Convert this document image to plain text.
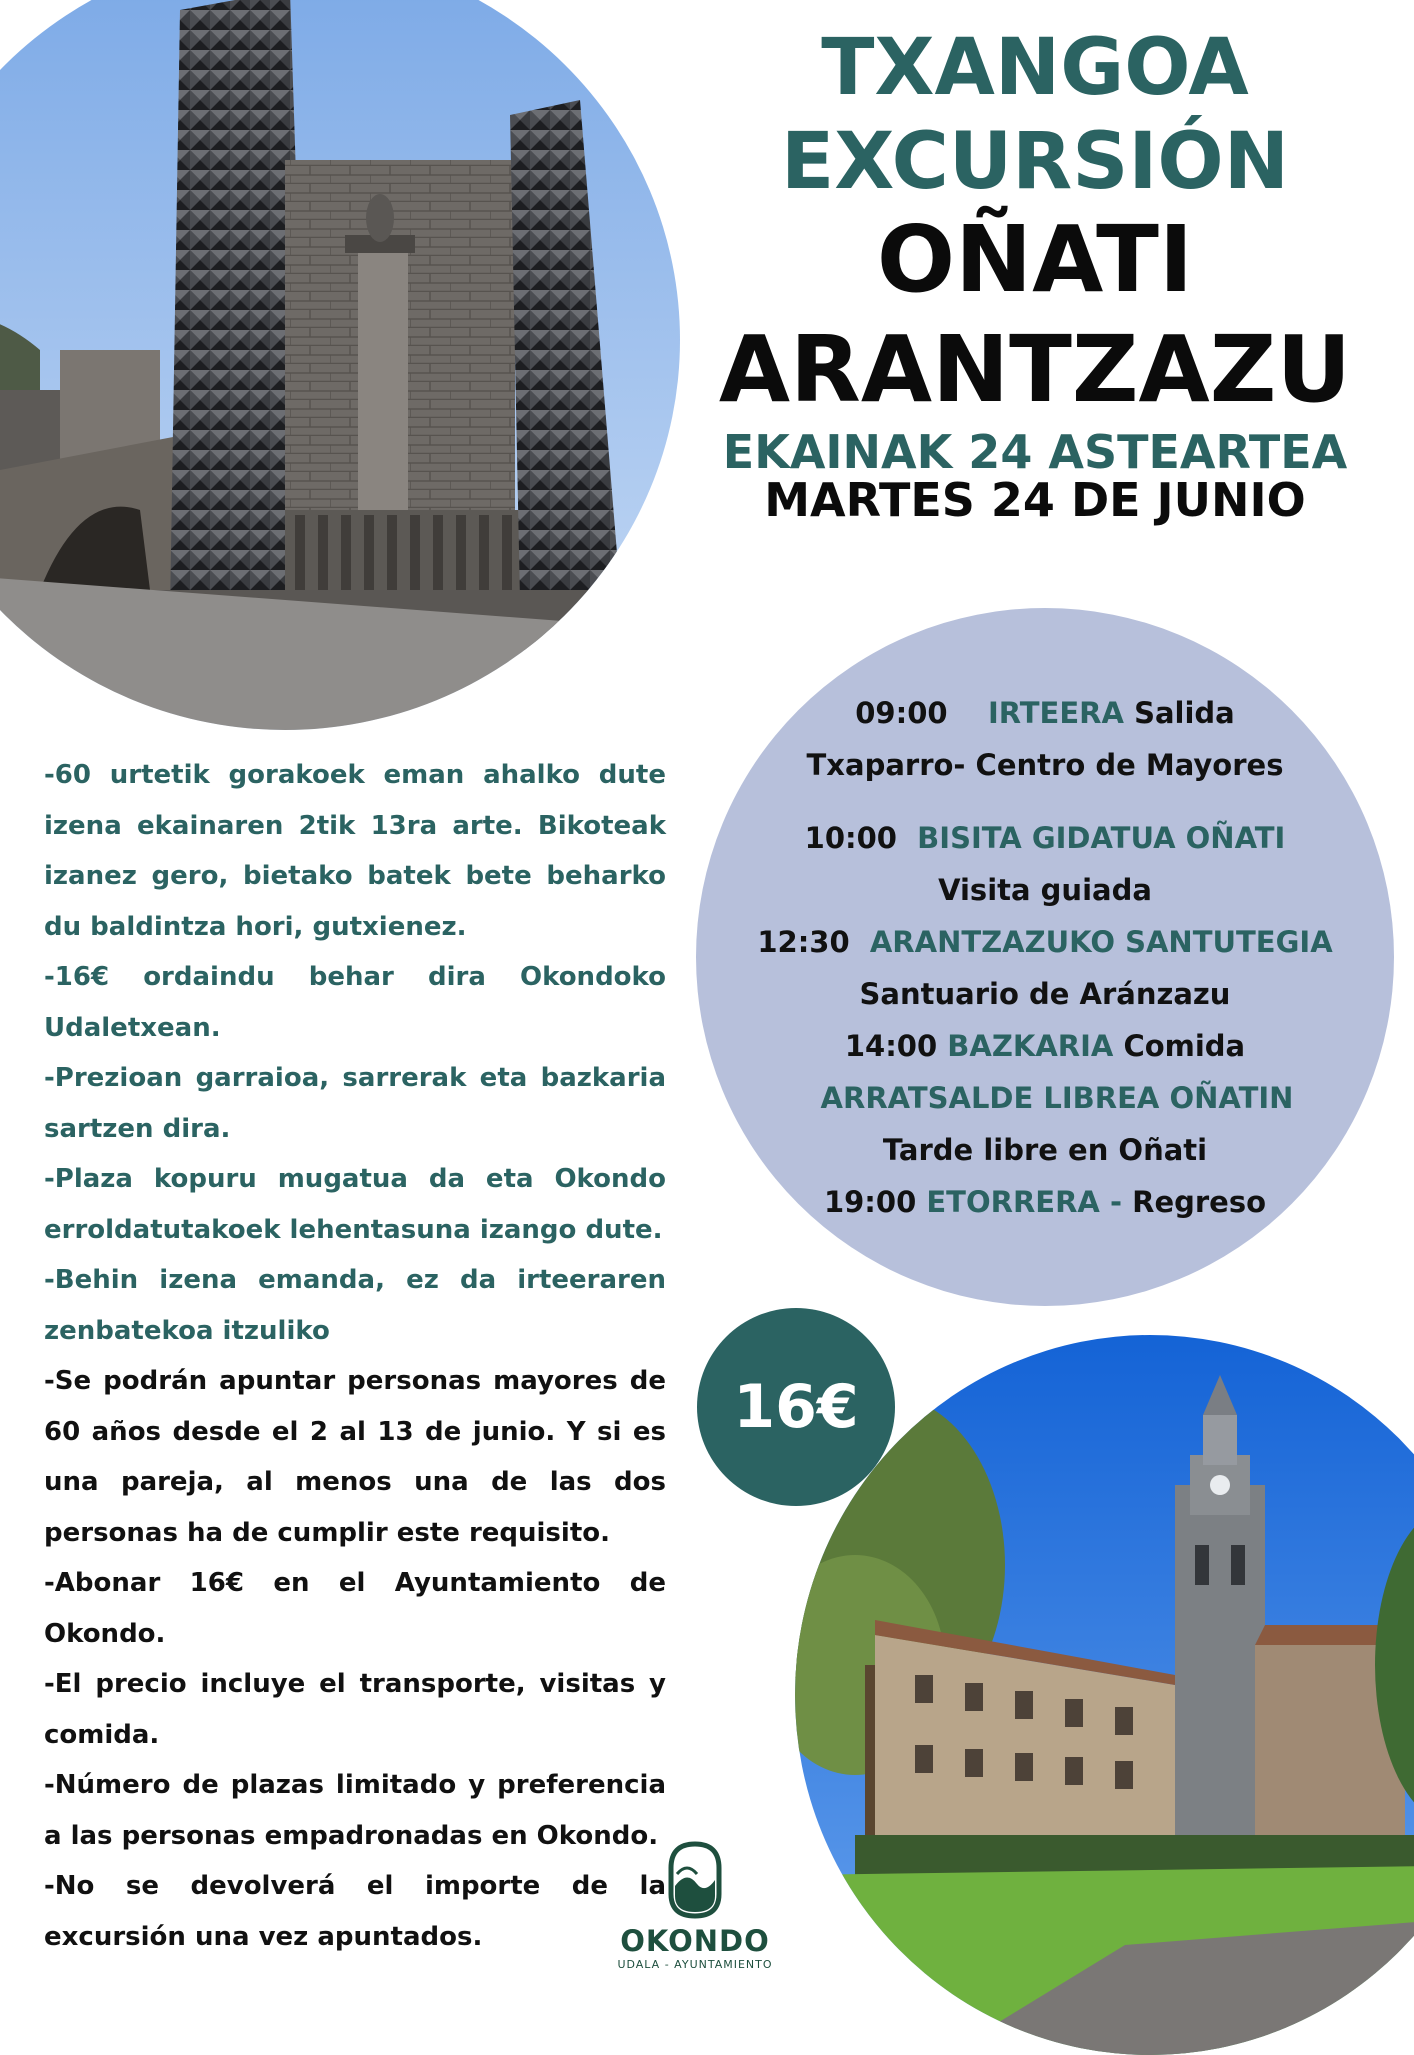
TXANGOA
EXCURSIÓN
OÑATI
ARANTZAZU
EKAINAK 24 ASTEARTEA
MARTES 24 DE JUNIO
09:00 IRTEERA Salida
Txaparro- Centro de Mayores
10:00 BISITA GIDATUA OÑATI
Visita guiada
12:30 ARANTZAZUKO SANTUTEGIA
Santuario de Aránzazu
14:00 BAZKARIA Comida
ARRATSALDE LIBREA OÑATIN
Tarde libre en Oñati
19:00 ETORRERA - Regreso
16€

-60 urtetik gorakoek eman ahalko dute izena ekainaren 2tik 13ra arte. Bikoteak izanez gero, bietako batek bete beharko du baldintza hori, gutxienez.

-16€ ordaindu behar dira Okondoko Udaletxean.

-Prezioan garraioa, sarrerak eta bazkaria sartzen dira.

-Plaza kopuru mugatua da eta Okondo erroldatutakoek lehentasuna izango dute.

-Behin izena emanda, ez da irteeraren zenbatekoa itzuliko

-Se podrán apuntar personas mayores de 60 años desde el 2 al 13 de junio. Y si es una pareja, al menos una de las dos personas ha de cumplir este requisito.

-Abonar 16€ en el Ayuntamiento de Okondo.

-El precio incluye el transporte, visitas y comida.

-Número de plazas limitado y preferencia a las personas empadronadas en Okondo.

-No se devolverá el importe de la excursión una vez apuntados.	OKONDO
UDALA - AYUNTAMIENTO
